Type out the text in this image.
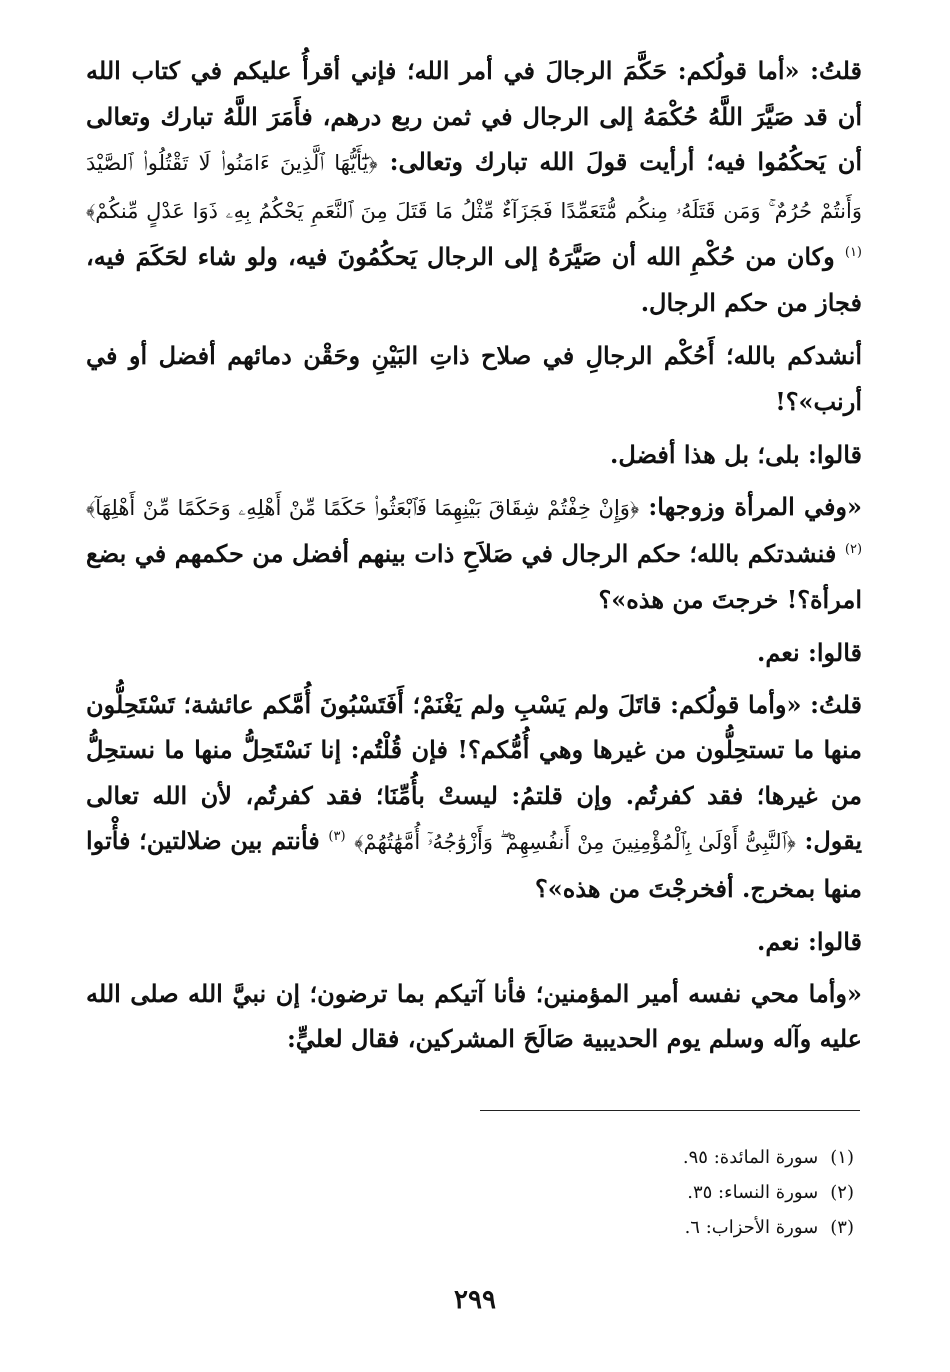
قلتُ: «أما قولُكم: حَكَّمَ الرجالَ في أمر الله؛ فإني أقرأُ عليكم في كتاب الله أن قد صَيَّرَ اللَّهُ حُكْمَهُ إلى الرجال في ثمن ربع درهم، فأَمَرَ اللَّهُ تبارك وتعالى أن يَحكُمُوا فيه؛ أرأيت قولَ الله تبارك وتعالى: ﴿يَٰٓأَيُّهَا ٱلَّذِينَ ءَامَنُوا۟ لَا تَقْتُلُوا۟ ٱلصَّيْدَ وَأَنتُمْ حُرُمٌ ۚ وَمَن قَتَلَهُۥ مِنكُم مُّتَعَمِّدًا فَجَزَآءٌ مِّثْلُ مَا قَتَلَ مِنَ ٱلنَّعَمِ يَحْكُمُ بِهِۦ ذَوَا عَدْلٍ مِّنكُمْ﴾ $^{(١)}$ وكان من حُكْمِ الله أن صَيَّرَهُ إلى الرجال يَحكُمُونَ فيه، ولو شاء لحَكَمَ فيه، فجاز من حكم الرجال.

أنشدكم بالله؛ أَحُكْم الرجالِ في صلاح ذاتِ البَيْنِ وحَقْن دمائهم أفضل أو في أرنب»؟!

قالوا: بلى؛ بل هذا أفضل.

«وفي المرأة وزوجها: ﴿وَإِنْ خِفْتُمْ شِقَاقَ بَيْنِهِمَا فَٱبْعَثُوا۟ حَكَمًا مِّنْ أَهْلِهِۦ وَحَكَمًا مِّنْ أَهْلِهَآ﴾ $^{(٢)}$ فنشدتكم بالله؛ حكم الرجال في صَلاَحِ ذات بينهم أفضل من حكمهم في بضع امرأة؟! خرجتَ من هذه»؟

قالوا: نعم.

قلتُ: «وأما قولُكم: قاتَلَ ولم يَسْبِ ولم يَغْنَمْ؛ أَفَتَسْبُونَ أُمَّكم عائشة؛ تَسْتَحِلُّون منها ما تستحِلُّون من غيرها وهي أُمُّكم؟! فإن قُلْتُم: إنا نَسْتَحِلُّ منها ما نستحِلُّ من غيرها؛ فقد كفرتُم. وإن قلتمُ: ليستْ بأُمِّنَا؛ فقد كفرتُم، لأن الله تعالى يقول: ﴿ٱلنَّبِىُّ أَوْلَىٰ بِٱلْمُؤْمِنِينَ مِنْ أَنفُسِهِمْ ۖ وَأَزْوَٰجُهُۥٓ أُمَّهَٰتُهُمْ﴾ $^{(٣)}$ فأنتم بين ضلالتين؛ فأْتوا منها بمخرج. أفخرجْتَ من هذه»؟

قالوا: نعم.

«وأما محي نفسه أمير المؤمنين؛ فأنا آتيكم بما ترضون؛ إن نبيَّ الله صلى الله عليه وآله وسلم يوم الحديبية صَالَحَ المشركين، فقال لعليٍّ:

(١) سورة المائدة: ٩٥.
(٢) سورة النساء: ٣٥.
(٣) سورة الأحزاب: ٦.
٢٩٩
